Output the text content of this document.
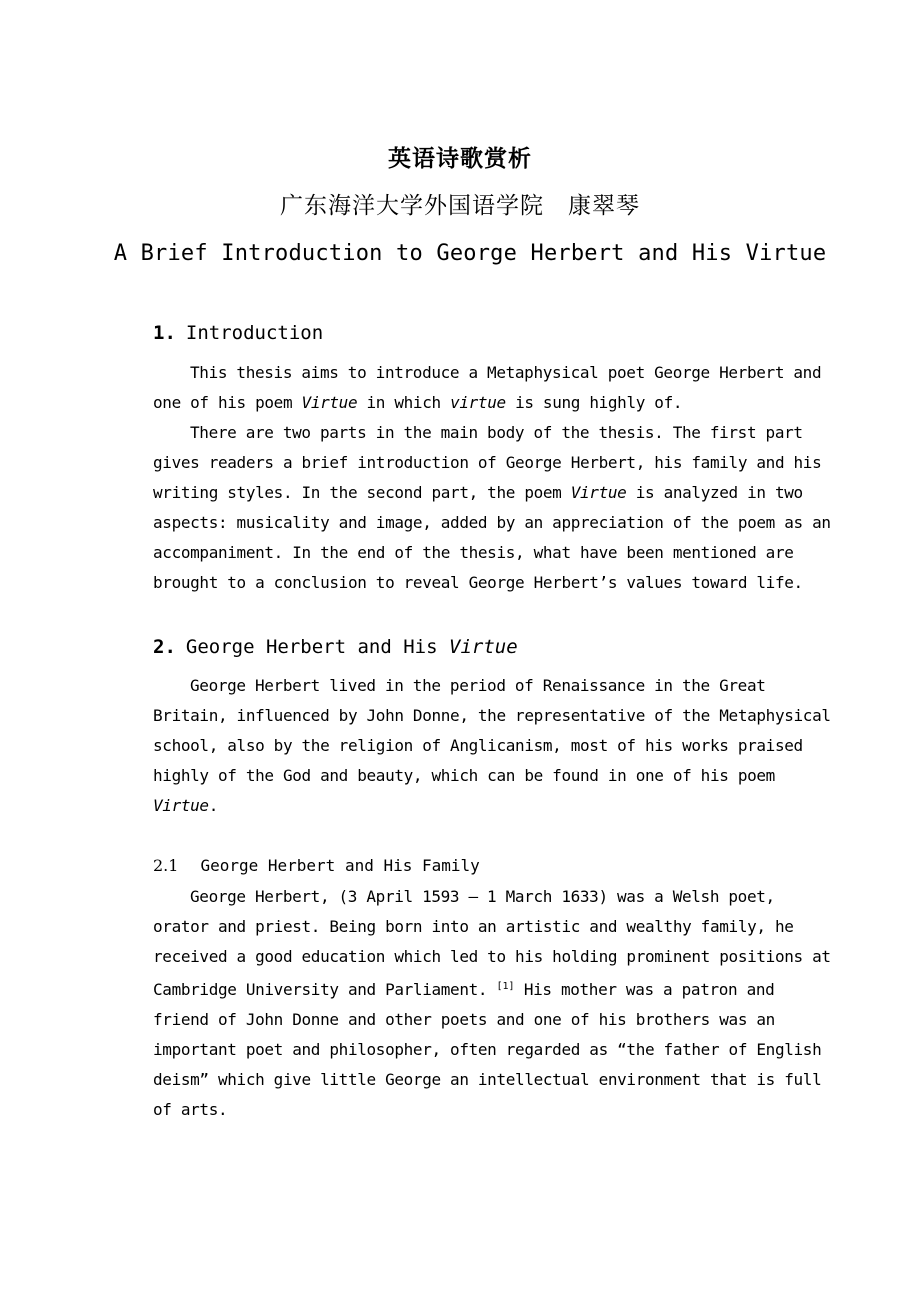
英语诗歌赏析
广东海洋大学外国语学院 康翠琴
A Brief Introduction to George Herbert and His Virtue
1. Introduction
This thesis aims to introduce a Metaphysical poet George Herbert and
one of his poem Virtue in which virtue is sung highly of.
There are two parts in the main body of the thesis. The first part
gives readers a brief introduction of George Herbert, his family and his
writing styles. In the second part, the poem Virtue is analyzed in two
aspects: musicality and image, added by an appreciation of the poem as an
accompaniment. In the end of the thesis, what have been mentioned are
brought to a conclusion to reveal George Herbert’s values toward life.
2. George Herbert and His Virtue
George Herbert lived in the period of Renaissance in the Great
Britain, influenced by John Donne, the representative of the Metaphysical
school, also by the religion of Anglicanism, most of his works praised
highly of the God and beauty, which can be found in one of his poem
Virtue.
2.1 George Herbert and His Family
George Herbert, (3 April 1593 – 1 March 1633) was a Welsh poet,
orator and priest. Being born into an artistic and wealthy family, he
received a good education which led to his holding prominent positions at
Cambridge University and Parliament. [1] His mother was a patron and
friend of John Donne and other poets and one of his brothers was an
important poet and philosopher, often regarded as “the father of English
deism” which give little George an intellectual environment that is full
of arts.
